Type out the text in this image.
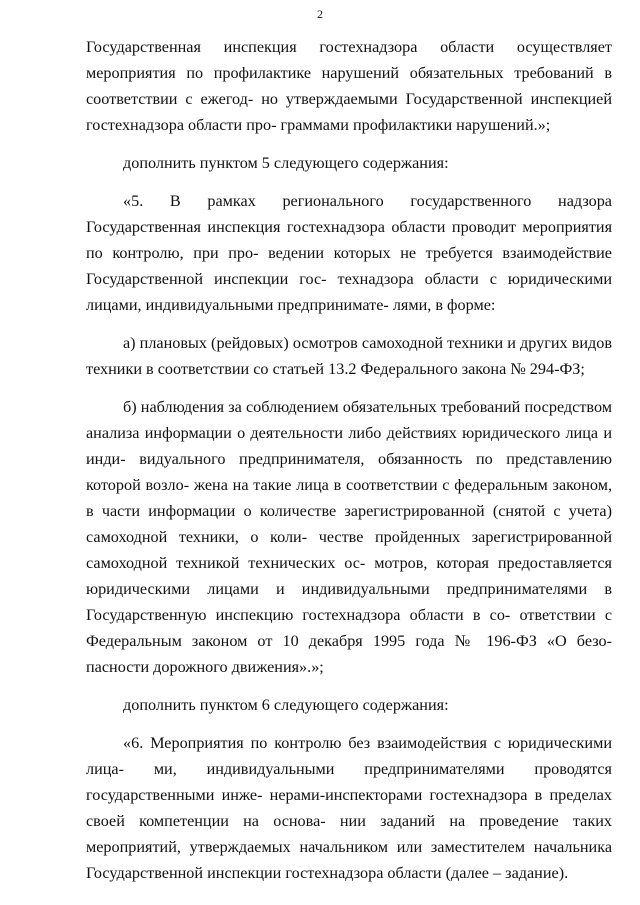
2

Государственная инспекция гостехнадзора области осуществляет мероприятия по профилактике нарушений обязательных требований в соответствии с ежегод- но утверждаемыми Государственной инспекцией гостехнадзора области про- граммами профилактики нарушений.»;

дополнить пунктом 5 следующего содержания:

«5. В рамках регионального государственного надзора Государственная инспекция гостехнадзора области проводит мероприятия по контролю, при про- ведении которых не требуется взаимодействие Государственной инспекции гос- технадзора области с юридическими лицами, индивидуальными предпринимате- лями, в форме:

а) плановых (рейдовых) осмотров самоходной техники и других видов техники в соответствии со статьей 13.2 Федерального закона № 294-ФЗ;

б) наблюдения за соблюдением обязательных требований посредством анализа информации о деятельности либо действиях юридического лица и инди- видуального предпринимателя, обязанность по представлению которой возло- жена на такие лица в соответствии с федеральным законом, в части информации о количестве зарегистрированной (снятой с учета) самоходной техники, о коли- честве пройденных зарегистрированной самоходной техникой технических ос- мотров, которая предоставляется юридическими лицами и индивидуальными предпринимателями в Государственную инспекцию гостехнадзора области в со- ответствии с Федеральным законом от 10 декабря 1995 года № 196-ФЗ «О безо- пасности дорожного движения».»;

дополнить пунктом 6 следующего содержания:

«6. Мероприятия по контролю без взаимодействия с юридическими лица- ми, индивидуальными предпринимателями проводятся государственными инже- нерами-инспекторами гостехнадзора в пределах своей компетенции на основа- нии заданий на проведение таких мероприятий, утверждаемых начальником или заместителем начальника Государственной инспекции гостехнадзора области (далее – задание).
